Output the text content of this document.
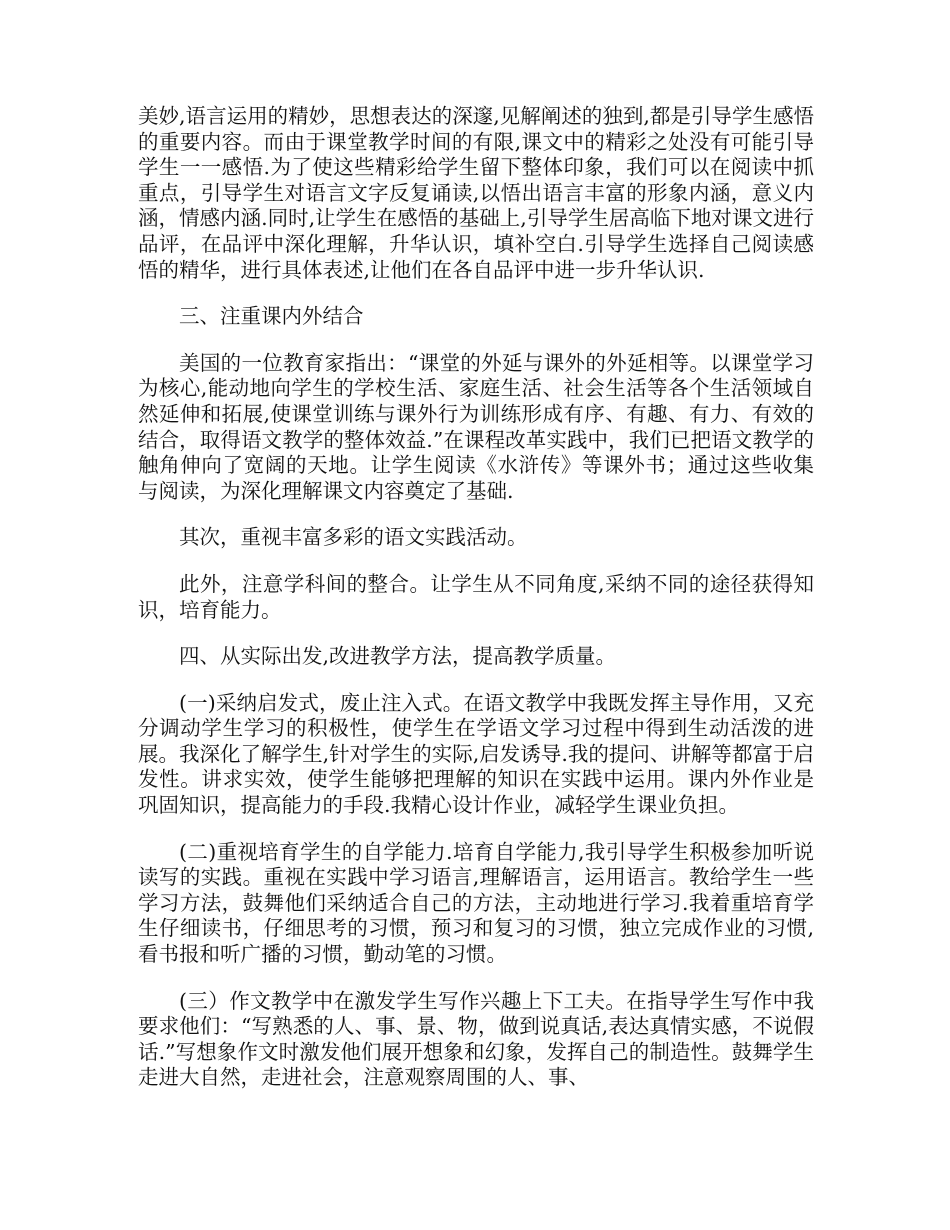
美妙,语言运用的精妙，思想表达的深邃,见解阐述的独到,都是引导学生感悟的重要内容。而由于课堂教学时间的有限,课文中的精彩之处没有可能引导学生一一感悟.为了使这些精彩给学生留下整体印象，我们可以在阅读中抓重点，引导学生对语言文字反复诵读,以悟出语言丰富的形象内涵，意义内涵，情感内涵.同时,让学生在感悟的基础上,引导学生居高临下地对课文进行品评，在品评中深化理解，升华认识，填补空白.引导学生选择自己阅读感悟的精华，进行具体表述,让他们在各自品评中进一步升华认识.

三、注重课内外结合

美国的一位教育家指出：“课堂的外延与课外的外延相等。以课堂学习为核心,能动地向学生的学校生活、家庭生活、社会生活等各个生活领域自然延伸和拓展,使课堂训练与课外行为训练形成有序、有趣、有力、有效的结合，取得语文教学的整体效益.”在课程改革实践中，我们已把语文教学的触角伸向了宽阔的天地。让学生阅读《水浒传》等课外书；通过这些收集与阅读，为深化理解课文内容奠定了基础.

其次，重视丰富多彩的语文实践活动。

此外，注意学科间的整合。让学生从不同角度,采纳不同的途径获得知识，培育能力。

四、从实际出发,改进教学方法，提高教学质量。

(一)采纳启发式，废止注入式。在语文教学中我既发挥主导作用，又充分调动学生学习的积极性，使学生在学语文学习过程中得到生动活泼的进展。我深化了解学生,针对学生的实际,启发诱导.我的提问、讲解等都富于启发性。讲求实效，使学生能够把理解的知识在实践中运用。课内外作业是巩固知识，提高能力的手段.我精心设计作业，减轻学生课业负担。

(二)重视培育学生的自学能力.培育自学能力,我引导学生积极参加听说读写的实践。重视在实践中学习语言,理解语言，运用语言。教给学生一些学习方法，鼓舞他们采纳适合自己的方法，主动地进行学习.我着重培育学生仔细读书，仔细思考的习惯，预习和复习的习惯，独立完成作业的习惯,看书报和听广播的习惯，勤动笔的习惯。

(三）作文教学中在激发学生写作兴趣上下工夫。在指导学生写作中我要求他们：“写熟悉的人、事、景、物，做到说真话,表达真情实感，不说假话.”写想象作文时激发他们展开想象和幻象，发挥自己的制造性。鼓舞学生走进大自然，走进社会，注意观察周围的人、事、
